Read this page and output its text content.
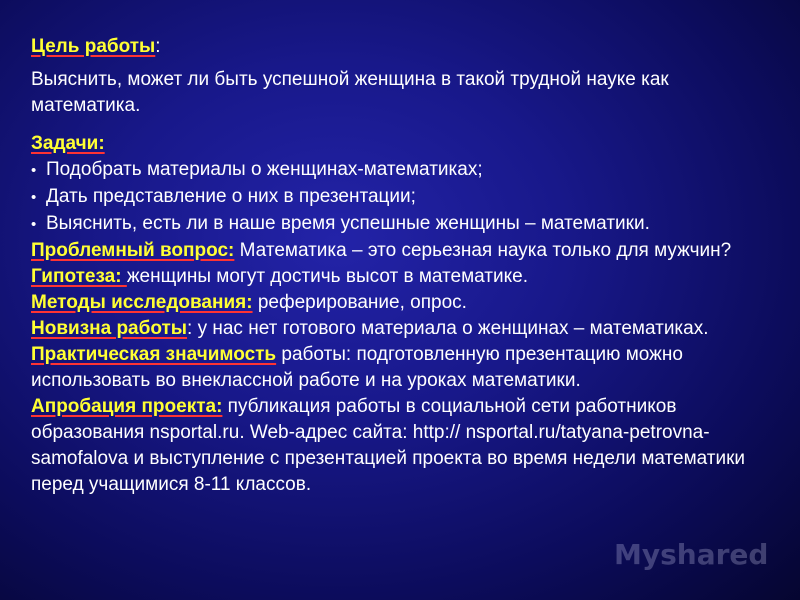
Цель работы:

Выяснить, может ли быть успешной женщина в такой трудной науке как математика.

Задачи:

• Подобрать материалы о женщинах-математиках;
• Дать представление о них в презентации;
• Выяснить, есть ли в наше время успешные женщины – математики.

Проблемный вопрос: Математика – это серьезная наука только для мужчин?

Гипотеза: женщины могут достичь высот в математике.

Методы исследования: реферирование, опрос.

Новизна работы: у нас нет готового материала о женщинах – математиках.

Практическая значимость работы: подготовленную презентацию можно использовать во внеклассной работе и на уроках математики.

Апробация проекта: публикация работы в социальной сети работников образования nsportal.ru. Web-адрес сайта: http:// nsportal.ru/tatyana-petrovna-samofalova и выступление с презентацией проекта во время недели математики перед учащимися 8-11 классов.

Myshared
